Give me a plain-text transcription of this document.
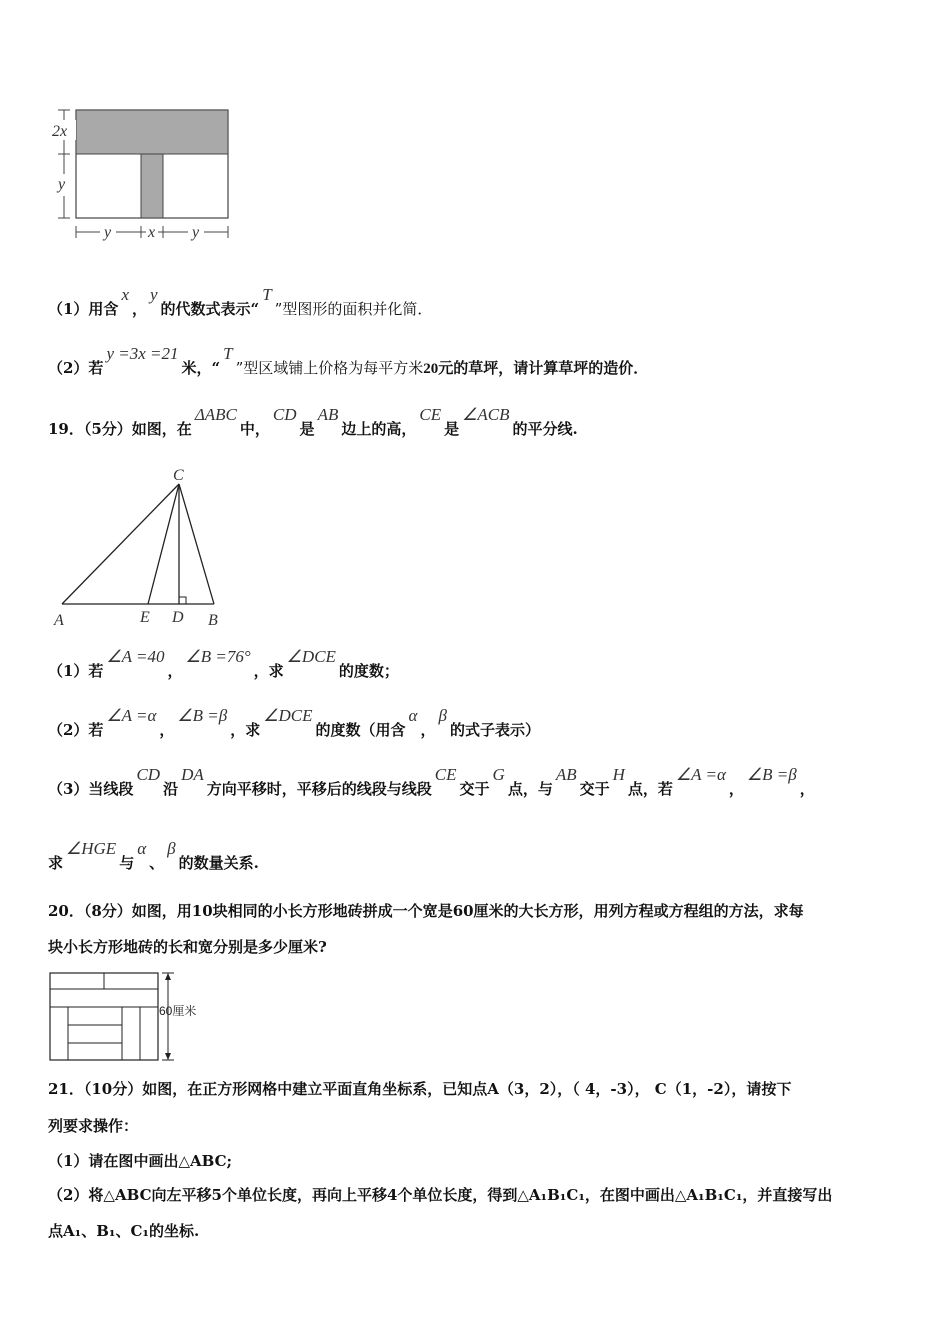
2x
y
y x y
（1）用含x，y的代数式表示“T”型图形的面积并化简．
（2）若y =3x =21米，“T”型区域铺上价格为每平方米20元的草坪，请计算草坪的造价．
19．（5分）如图，在ΔABC中，CD是AB边上的高，CE是∠ACB的平分线.
C
A	E D B
（1）若∠A =40，∠B =76°，求∠DCE的度数；
（2）若∠A =α，∠B =β，求∠DCE的度数（用含α，β的式子表示）
（3）当线段CD沿DA方向平移时，平移后的线段与线段CE交于G点，与AB交于H点，若∠A =α，∠B =β，
求∠HGE与α、β的数量关系.
20．（8分）如图，用10块相同的小长方形地砖拼成一个宽是60厘米的大长方形，用列方程或方程组的方法，求每
块小长方形地砖的长和宽分别是多少厘米?
60厘米
21．（10分）如图，在正方形网格中建立平面直角坐标系，已知点A（3，2），（ 4，-3）， C（1，-2），请按下
列要求操作：
（1）请在图中画出△ABC;
（2）将△ABC向左平移5个单位长度，再向上平移4个单位长度，得到△A₁B₁C₁，在图中画出△A₁B₁C₁，并直接写出
点A₁、B₁、C₁的坐标.
